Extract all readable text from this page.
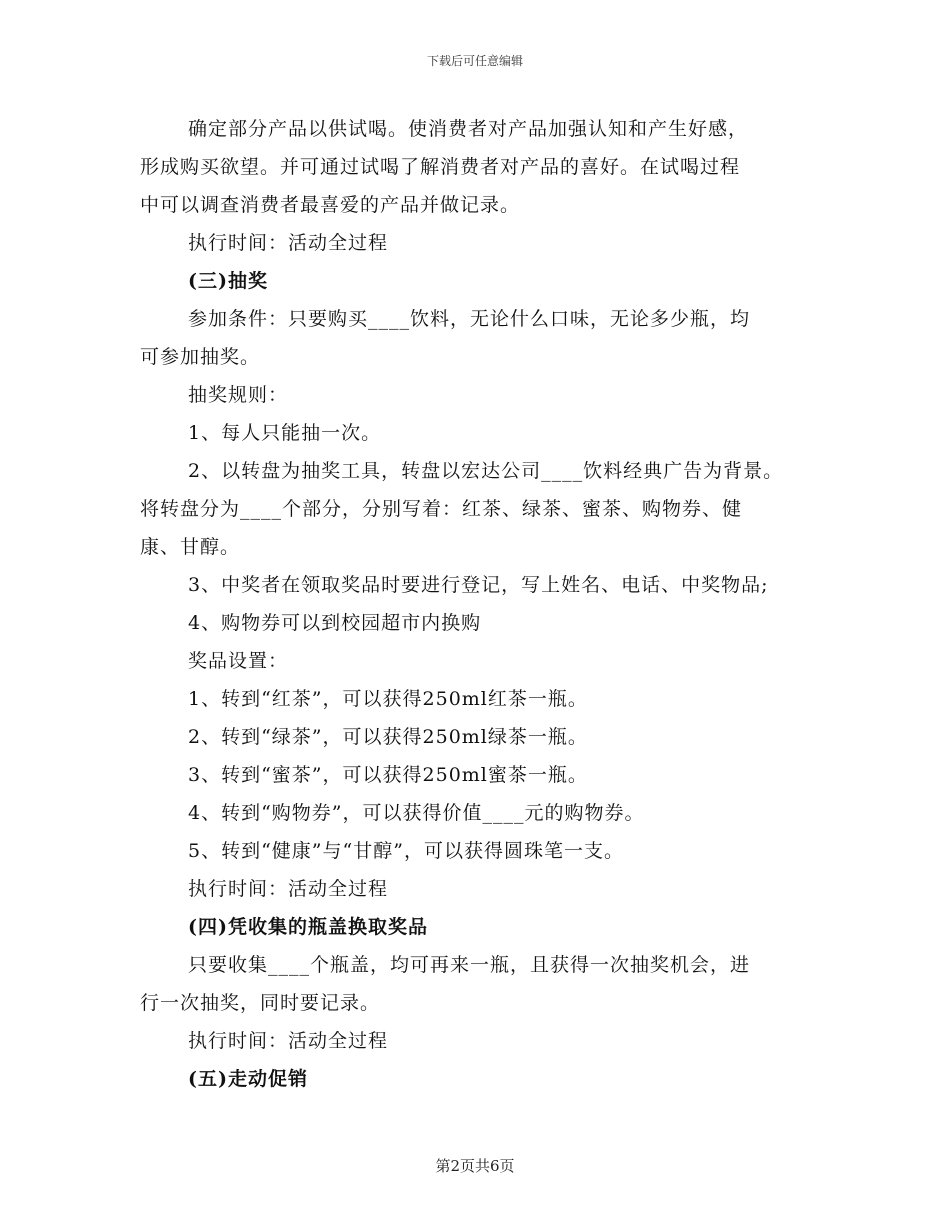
下载后可任意编辑
确定部分产品以供试喝。使消费者对产品加强认知和产生好感，
形成购买欲望。并可通过试喝了解消费者对产品的喜好。在试喝过程
中可以调查消费者最喜爱的产品并做记录。
执行时间：活动全过程
(三)抽奖
参加条件：只要购买____饮料，无论什么口味，无论多少瓶，均
可参加抽奖。
抽奖规则：
1、每人只能抽一次。
2、以转盘为抽奖工具，转盘以宏达公司____饮料经典广告为背景。
将转盘分为____个部分，分别写着：红茶、绿茶、蜜茶、购物券、健
康、甘醇。
3、中奖者在领取奖品时要进行登记，写上姓名、电话、中奖物品;
4、购物券可以到校园超市内换购
奖品设置：
1、转到“红茶”，可以获得250ml红茶一瓶。
2、转到“绿茶”，可以获得250ml绿茶一瓶。
3、转到“蜜茶”，可以获得250ml蜜茶一瓶。
4、转到“购物券”，可以获得价值____元的购物券。
5、转到“健康”与“甘醇”，可以获得圆珠笔一支。
执行时间：活动全过程
(四)凭收集的瓶盖换取奖品
只要收集____个瓶盖，均可再来一瓶，且获得一次抽奖机会，进
行一次抽奖，同时要记录。
执行时间：活动全过程
(五)走动促销
第2页共6页
